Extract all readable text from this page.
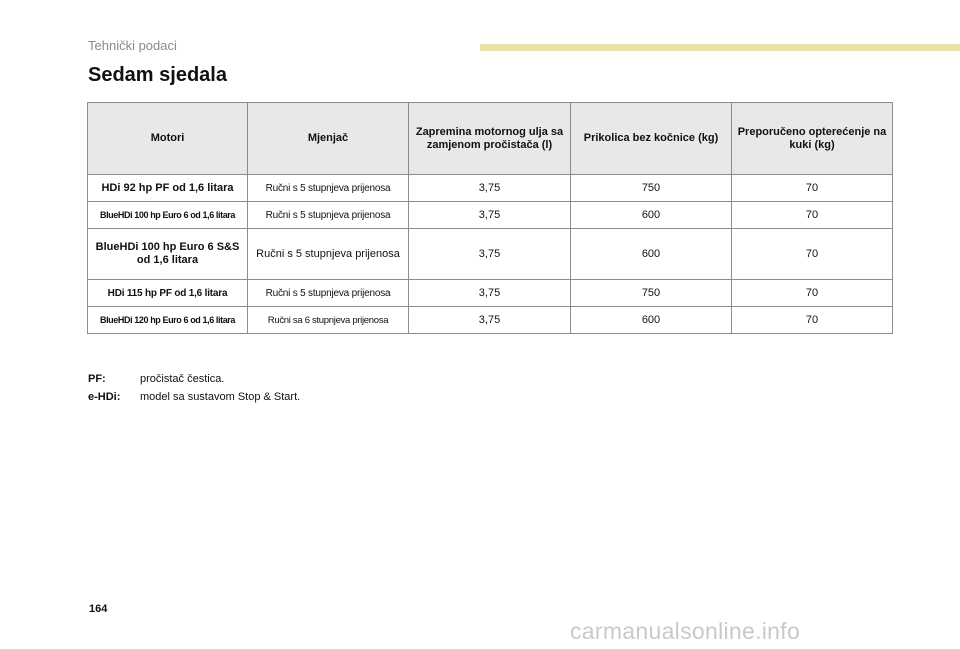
Tehnički podaci
Sedam sjedala
Motori	Mjenjač	Zapremina motornog ulja sa zamjenom pročistača (l)	Prikolica bez kočnice (kg)	Preporučeno opterećenje na kuki (kg)
HDi 92 hp PF od 1,6 litara	Ručni s 5 stupnjeva prijenosa	3,75	750	70
BlueHDi 100 hp Euro 6 od 1,6 litara	Ručni s 5 stupnjeva prijenosa	3,75	600	70
BlueHDi 100 hp Euro 6 S&S od 1,6 litara	Ručni s 5 stupnjeva prijenosa	3,75	600	70
HDi 115 hp PF od 1,6 litara	Ručni s 5 stupnjeva prijenosa	3,75	750	70
BlueHDi 120 hp Euro 6 od 1,6 litara	Ručni sa 6 stupnjeva prijenosa	3,75	600	70
PF:	pročistač čestica.
e-HDi:	model sa sustavom Stop & Start.
164
carmanualsonline.info
